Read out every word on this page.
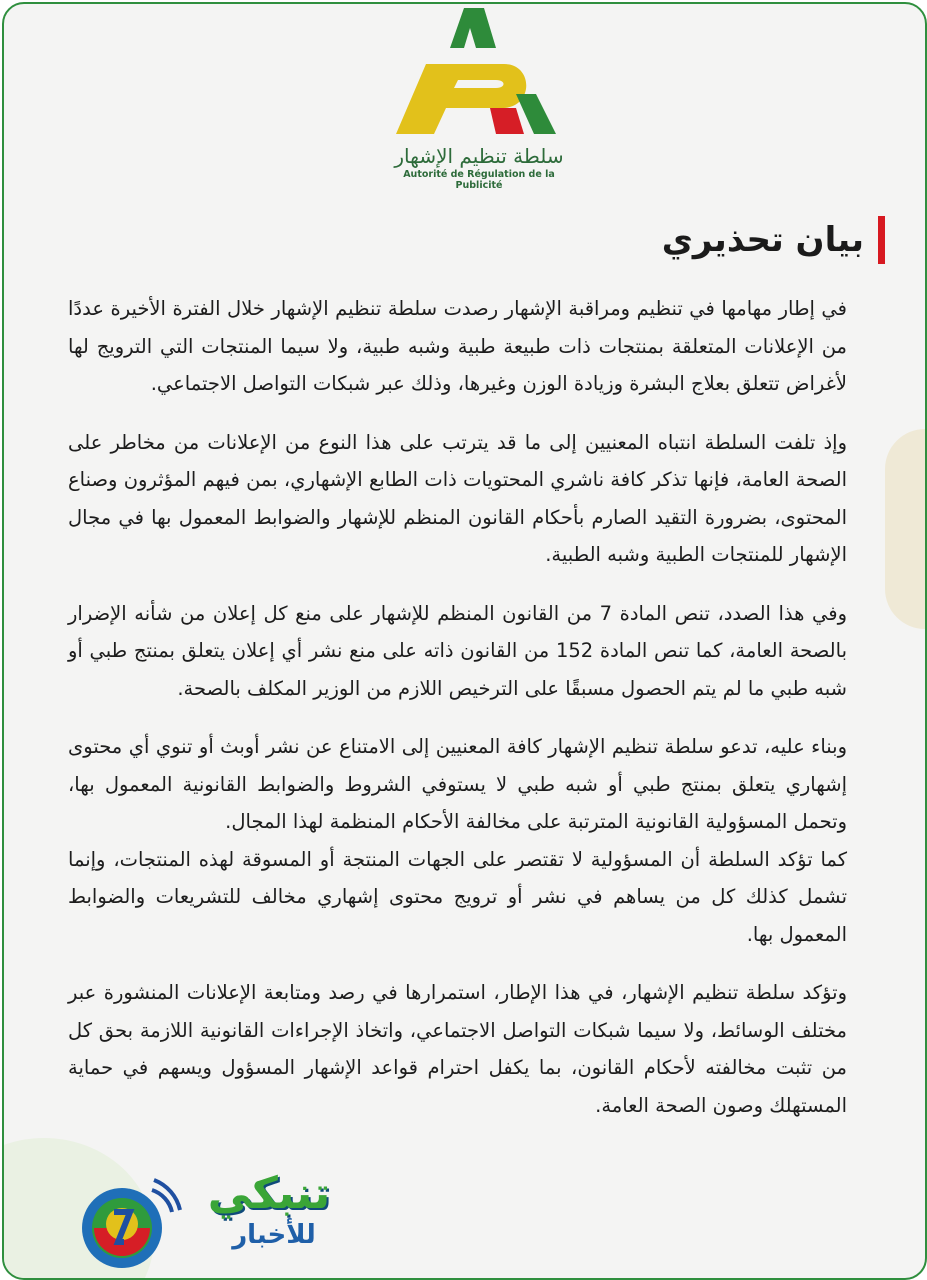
سلطة تنظيم الإشهار
Autorité de Régulation de la Publicité
بيان تحذيري

في إطار مهامها في تنظيم ومراقبة الإشهار رصدت سلطة تنظيم الإشهار خلال الفترة الأخيرة عددًا من الإعلانات المتعلقة بمنتجات ذات طبيعة طبية وشبه طبية، ولا سيما المنتجات التي الترويج لها لأغراض تتعلق بعلاج البشرة وزيادة الوزن وغيرها، وذلك عبر شبكات التواصل الاجتماعي.

وإذ تلفت السلطة انتباه المعنيين إلى ما قد يترتب على هذا النوع من الإعلانات من مخاطر على الصحة العامة، فإنها تذكر كافة ناشري المحتويات ذات الطابع الإشهاري، بمن فيهم المؤثرون وصناع المحتوى، بضرورة التقيد الصارم بأحكام القانون المنظم للإشهار والضوابط المعمول بها في مجال الإشهار للمنتجات الطبية وشبه الطبية.

وفي هذا الصدد، تنص المادة 7 من القانون المنظم للإشهار على منع كل إعلان من شأنه الإضرار بالصحة العامة، كما تنص المادة 152 من القانون ذاته على منع نشر أي إعلان يتعلق بمنتج طبي أو شبه طبي ما لم يتم الحصول مسبقًا على الترخيص اللازم من الوزير المكلف بالصحة.

وبناء عليه، تدعو سلطة تنظيم الإشهار كافة المعنيين إلى الامتناع عن نشر أوبث أو تنوي أي محتوى إشهاري يتعلق بمنتج طبي أو شبه طبي لا يستوفي الشروط والضوابط القانونية المعمول بها، وتحمل المسؤولية القانونية المترتبة على مخالفة الأحكام المنظمة لهذا المجال.

كما تؤكد السلطة أن المسؤولية لا تقتصر على الجهات المنتجة أو المسوقة لهذه المنتجات، وإنما تشمل كذلك كل من يساهم في نشر أو ترويج محتوى إشهاري مخالف للتشريعات والضوابط المعمول بها.

وتؤكد سلطة تنظيم الإشهار، في هذا الإطار، استمرارها في رصد ومتابعة الإعلانات المنشورة عبر مختلف الوسائط، ولا سيما شبكات التواصل الاجتماعي، واتخاذ الإجراءات القانونية اللازمة بحق كل من تثبت مخالفته لأحكام القانون، بما يكفل احترام قواعد الإشهار المسؤول ويسهم في حماية المستهلك وصون الصحة العامة.

تنبكي
للأخبار
